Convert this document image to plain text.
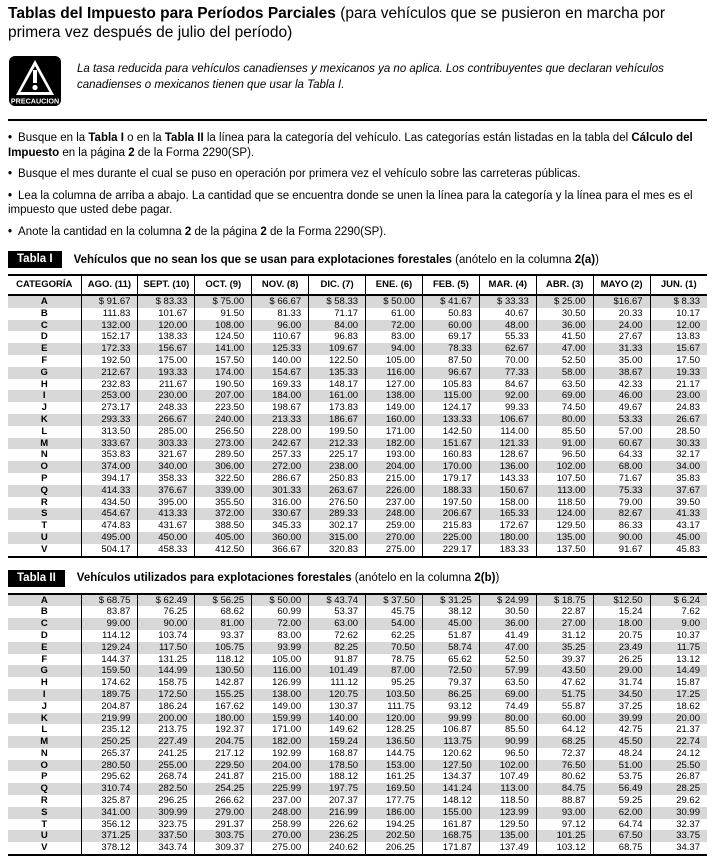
Tablas del Impuesto para Períodos Parciales (para vehículos que se pusieron en marcha por primera vez después de julio del período)
PRECAUCION

La tasa reducida para vehículos canadienses y mexicanos ya no aplica. Los contribuyentes que declaran vehículos canadienses o mexicanos tienen que usar la Tabla I.

• Busque en la Tabla I o en la Tabla II la línea para la categoría del vehículo. Las categorías están listadas en la tabla del Cálculo del Impuesto en la página 2 de la Forma 2290(SP).
• Busque el mes durante el cual se puso en operación por primera vez el vehículo sobre las carreteras públicas.
• Lea la columna de arriba a abajo. La cantidad que se encuentra donde se unen la línea para la categoría y la línea para el mes es el impuesto que usted debe pagar.
• Anote la cantidad en la columna 2 de la página 2 de la Forma 2290(SP).
Tabla I	Vehículos que no sean los que se usan para explotaciones forestales (anótelo en la columna 2(a))
CATEGORÍA	AGO. (11)	SEPT. (10)	OCT. (9)	NOV. (8)	DIC. (7)	ENE. (6)	FEB. (5)	MAR. (4)	ABR. (3)	MAYO (2)	JUN. (1)
A	$ 91.67	$ 83.33	$ 75.00	$ 66.67	$ 58.33	$ 50.00	$ 41.67	$ 33.33	$ 25.00	$16.67	$ 8.33
B	111.83	101.67	91.50	81.33	71.17	61.00	50.83	40.67	30.50	20.33	10.17
C	132.00	120.00	108.00	96.00	84.00	72.00	60.00	48.00	36.00	24.00	12.00
D	152.17	138.33	124.50	110.67	96.83	83.00	69.17	55.33	41.50	27.67	13.83
E	172.33	156.67	141.00	125.33	109.67	94.00	78.33	62.67	47.00	31.33	15.67
F	192.50	175.00	157.50	140.00	122.50	105.00	87.50	70.00	52.50	35.00	17.50
G	212.67	193.33	174.00	154.67	135.33	116.00	96.67	77.33	58.00	38.67	19.33
H	232.83	211.67	190.50	169.33	148.17	127.00	105.83	84.67	63.50	42.33	21.17
I	253.00	230.00	207.00	184.00	161.00	138.00	115.00	92.00	69.00	46.00	23.00
J	273.17	248.33	223.50	198.67	173.83	149.00	124.17	99.33	74.50	49.67	24.83
K	293.33	266.67	240.00	213.33	186.67	160.00	133.33	106.67	80.00	53.33	26.67
L	313.50	285.00	256.50	228.00	199.50	171.00	142.50	114.00	85.50	57.00	28.50
M	333.67	303.33	273.00	242.67	212.33	182.00	151.67	121.33	91.00	60.67	30.33
N	353.83	321.67	289.50	257.33	225.17	193.00	160.83	128.67	96.50	64.33	32.17
O	374.00	340.00	306.00	272.00	238.00	204.00	170.00	136.00	102.00	68.00	34.00
P	394.17	358.33	322.50	286.67	250.83	215.00	179.17	143.33	107.50	71.67	35.83
Q	414.33	376.67	339.00	301.33	263.67	226.00	188.33	150.67	113.00	75.33	37.67
R	434.50	395.00	355.50	316.00	276.50	237.00	197.50	158.00	118.50	79.00	39.50
S	454.67	413.33	372.00	330.67	289.33	248.00	206.67	165.33	124.00	82.67	41.33
T	474.83	431.67	388.50	345.33	302.17	259.00	215.83	172.67	129.50	86.33	43.17
U	495.00	450.00	405.00	360.00	315.00	270.00	225.00	180.00	135.00	90.00	45.00
V	504.17	458.33	412.50	366.67	320.83	275.00	229.17	183.33	137.50	91.67	45.83
Tabla II	Vehículos utilizados para explotaciones forestales (anótelo en la columna 2(b))
A	$ 68.75	$ 62.49	$ 56.25	$ 50.00	$ 43.74	$ 37.50	$ 31.25	$ 24.99	$ 18.75	$12.50	$ 6.24
B	83.87	76.25	68.62	60.99	53.37	45.75	38.12	30.50	22.87	15.24	7.62
C	99.00	90.00	81.00	72.00	63.00	54.00	45.00	36.00	27.00	18.00	9.00
D	114.12	103.74	93.37	83.00	72.62	62.25	51.87	41.49	31.12	20.75	10.37
E	129.24	117.50	105.75	93.99	82.25	70.50	58.74	47.00	35.25	23.49	11.75
F	144.37	131.25	118.12	105.00	91.87	78.75	65.62	52.50	39.37	26.25	13.12
G	159.50	144.99	130.50	116.00	101.49	87.00	72.50	57.99	43.50	29.00	14.49
H	174.62	158.75	142.87	126.99	111.12	95.25	79.37	63.50	47.62	31.74	15.87
I	189.75	172.50	155.25	138.00	120.75	103.50	86.25	69.00	51.75	34.50	17.25
J	204.87	186.24	167.62	149.00	130.37	111.75	93.12	74.49	55.87	37.25	18.62
K	219.99	200.00	180.00	159.99	140.00	120.00	99.99	80.00	60.00	39.99	20.00
L	235.12	213.75	192.37	171.00	149.62	128.25	106.87	85.50	64.12	42.75	21.37
M	250.25	227.49	204.75	182.00	159.24	136.50	113.75	90.99	68.25	45.50	22.74
N	265.37	241.25	217.12	192.99	168.87	144.75	120.62	96.50	72.37	48.24	24.12
O	280.50	255.00	229.50	204.00	178.50	153.00	127.50	102.00	76.50	51.00	25.50
P	295.62	268.74	241.87	215.00	188.12	161.25	134.37	107.49	80.62	53.75	26.87
Q	310.74	282.50	254.25	225.99	197.75	169.50	141.24	113.00	84.75	56.49	28.25
R	325.87	296.25	266.62	237.00	207.37	177.75	148.12	118.50	88.87	59.25	29.62
S	341.00	309.99	279.00	248.00	216.99	186.00	155.00	123.99	93.00	62.00	30.99
T	356.12	323.75	291.37	258.99	226.62	194.25	161.87	129.50	97.12	64.74	32.37
U	371.25	337.50	303.75	270.00	236.25	202.50	168.75	135.00	101.25	67.50	33.75
V	378.12	343.74	309.37	275.00	240.62	206.25	171.87	137.49	103.12	68.75	34.37
